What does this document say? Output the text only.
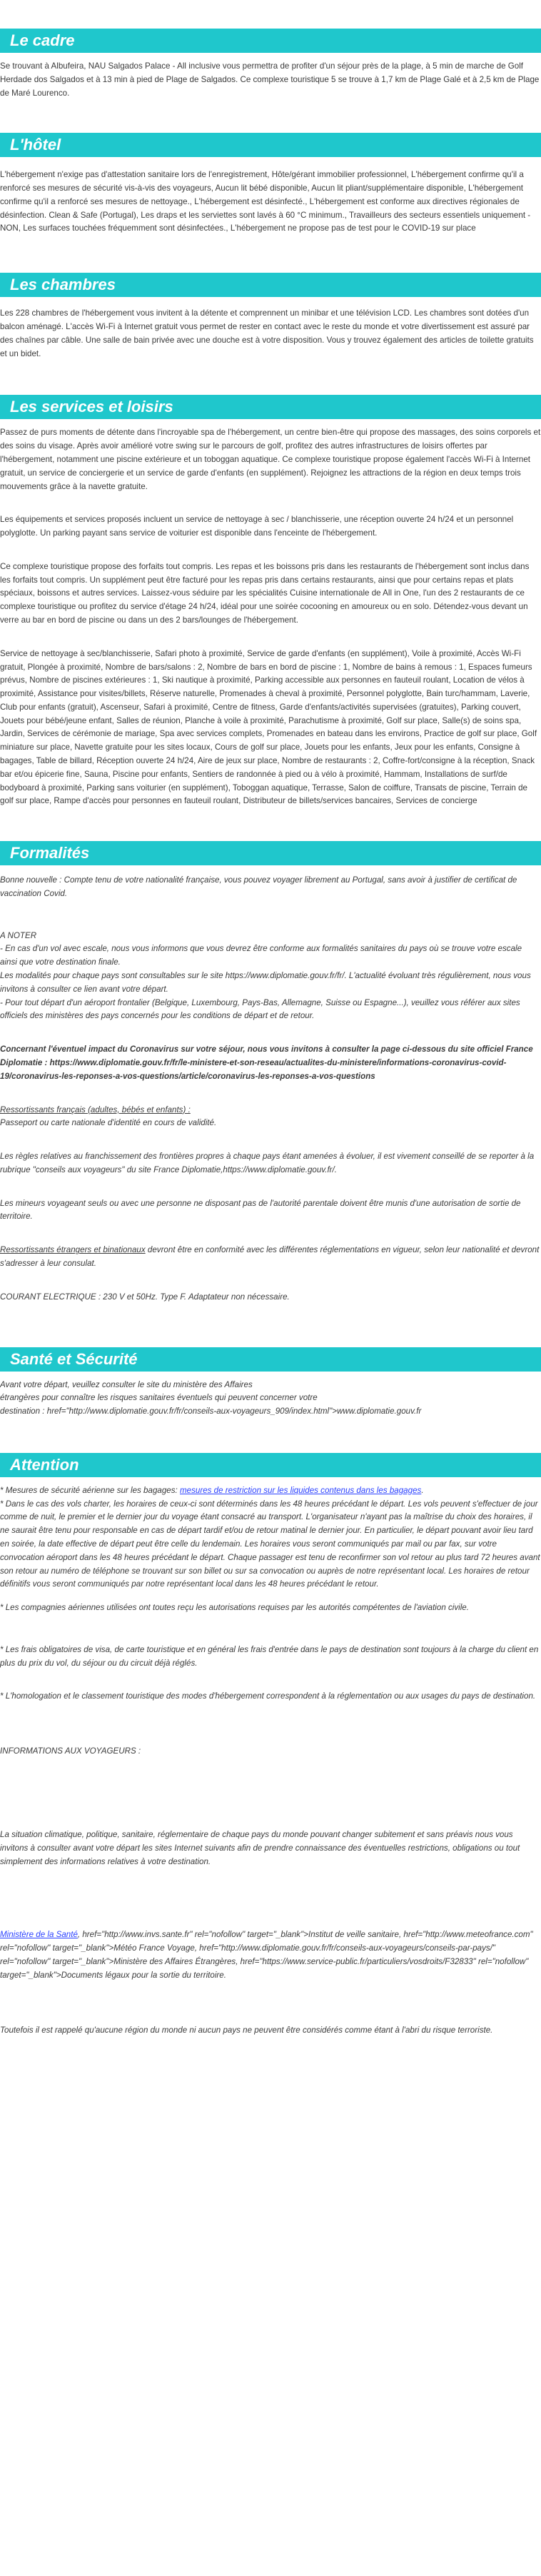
Le cadre

Se trouvant à Albufeira, NAU Salgados Palace - All inclusive vous permettra de profiter d'un séjour près de la plage, à 5 min de marche de Golf Herdade dos Salgados et à 13 min à pied de Plage de Salgados. Ce complexe touristique 5 se trouve à 1,7 km de Plage Galé et à 2,5 km de Plage de Maré Lourenco.

L'hôtel

L'hébergement n'exige pas d'attestation sanitaire lors de l'enregistrement, Hôte/gérant immobilier professionnel, L'hébergement confirme qu'il a renforcé ses mesures de sécurité vis-à-vis des voyageurs, Aucun lit bébé disponible, Aucun lit pliant/supplémentaire disponible, L'hébergement confirme qu'il a renforcé ses mesures de nettoyage., L'hébergement est désinfecté., L'hébergement est conforme aux directives régionales de désinfection. Clean & Safe (Portugal), Les draps et les serviettes sont lavés à 60 °C minimum., Travailleurs des secteurs essentiels uniquement - NON, Les surfaces touchées fréquemment sont désinfectées., L'hébergement ne propose pas de test pour le COVID-19 sur place

Les chambres

Les 228 chambres de l'hébergement vous invitent à la détente et comprennent un minibar et une télévision LCD. Les chambres sont dotées d'un balcon aménagé. L'accès Wi-Fi à Internet gratuit vous permet de rester en contact avec le reste du monde et votre divertissement est assuré par des chaînes par câble. Une salle de bain privée avec une douche est à votre disposition. Vous y trouvez également des articles de toilette gratuits et un bidet.

Les services et loisirs

Passez de purs moments de détente dans l'incroyable spa de l'hébergement, un centre bien-être qui propose des massages, des soins corporels et des soins du visage. Après avoir amélioré votre swing sur le parcours de golf, profitez des autres infrastructures de loisirs offertes par l'hébergement, notamment une piscine extérieure et un toboggan aquatique. Ce complexe touristique propose également l'accès Wi-Fi à Internet gratuit, un service de conciergerie et un service de garde d'enfants (en supplément). Rejoignez les attractions de la région en deux temps trois mouvements grâce à la navette gratuite.

Les équipements et services proposés incluent un service de nettoyage à sec / blanchisserie, une réception ouverte 24 h/24 et un personnel polyglotte. Un parking payant sans service de voiturier est disponible dans l'enceinte de l'hébergement.

Ce complexe touristique propose des forfaits tout compris. Les repas et les boissons pris dans les restaurants de l'hébergement sont inclus dans les forfaits tout compris. Un supplément peut être facturé pour les repas pris dans certains restaurants, ainsi que pour certains repas et plats spéciaux, boissons et autres services. Laissez-vous séduire par les spécialités Cuisine internationale de All in One, l'un des 2 restaurants de ce complexe touristique ou profitez du service d'étage 24 h/24, idéal pour une soirée cocooning en amoureux ou en solo. Détendez-vous devant un verre au bar en bord de piscine ou dans un des 2 bars/lounges de l'hébergement.

Service de nettoyage à sec/blanchisserie, Safari photo à proximité, Service de garde d'enfants (en supplément), Voile à proximité, Accès Wi-Fi gratuit, Plongée à proximité, Nombre de bars/salons : 2, Nombre de bars en bord de piscine : 1, Nombre de bains à remous : 1, Espaces fumeurs prévus, Nombre de piscines extérieures : 1, Ski nautique à proximité, Parking accessible aux personnes en fauteuil roulant, Location de vélos à proximité, Assistance pour visites/billets, Réserve naturelle, Promenades à cheval à proximité, Personnel polyglotte, Bain turc/hammam, Laverie, Club pour enfants (gratuit), Ascenseur, Safari à proximité, Centre de fitness, Garde d'enfants/activités supervisées (gratuites), Parking couvert, Jouets pour bébé/jeune enfant, Salles de réunion, Planche à voile à proximité, Parachutisme à proximité, Golf sur place, Salle(s) de soins spa, Jardin, Services de cérémonie de mariage, Spa avec services complets, Promenades en bateau dans les environs, Practice de golf sur place, Golf miniature sur place, Navette gratuite pour les sites locaux, Cours de golf sur place, Jouets pour les enfants, Jeux pour les enfants, Consigne à bagages, Table de billard, Réception ouverte 24 h/24, Aire de jeux sur place, Nombre de restaurants : 2, Coffre-fort/consigne à la réception, Snack bar et/ou épicerie fine, Sauna, Piscine pour enfants, Sentiers de randonnée à pied ou à vélo à proximité, Hammam, Installations de surf/de bodyboard à proximité, Parking sans voiturier (en supplément), Toboggan aquatique, Terrasse, Salon de coiffure, Transats de piscine, Terrain de golf sur place, Rampe d'accès pour personnes en fauteuil roulant, Distributeur de billets/services bancaires, Services de concierge

Formalités

Bonne nouvelle : Compte tenu de votre nationalité française, vous pouvez voyager librement au Portugal, sans avoir à justifier de certificat de vaccination Covid.

A NOTER

- En cas d'un vol avec escale, nous vous informons que vous devrez être conforme aux formalités sanitaires du pays où se trouve votre escale ainsi que votre destination finale.

Les modalités pour chaque pays sont consultables sur le site https://www.diplomatie.gouv.fr/fr/. L'actualité évoluant très régulièrement, nous vous invitons à consulter ce lien avant votre départ.

- Pour tout départ d'un aéroport frontalier (Belgique, Luxembourg, Pays-Bas, Allemagne, Suisse ou Espagne...), veuillez vous référer aux sites officiels des ministères des pays concernés pour les conditions de départ et de retour.

Concernant l'éventuel impact du Coronavirus sur votre séjour, nous vous invitons à consulter la page ci-dessous du site officiel France Diplomatie : https://www.diplomatie.gouv.fr/fr/le-ministere-et-son-reseau/actualites-du-ministere/informations-coronavirus-covid-19/coronavirus-les-reponses-a-vos-questions/article/coronavirus-les-reponses-a-vos-questions

Ressortissants français (adultes, bébés et enfants) :

Passeport ou carte nationale d'identité en cours de validité.

Les règles relatives au franchissement des frontières propres à chaque pays étant amenées à évoluer, il est vivement conseillé de se reporter à la rubrique "conseils aux voyageurs" du site France Diplomatie,https://www.diplomatie.gouv.fr/.

Les mineurs voyageant seuls ou avec une personne ne disposant pas de l'autorité parentale doivent être munis d'une autorisation de sortie de territoire.

Ressortissants étrangers et binationaux devront être en conformité avec les différentes réglementations en vigueur, selon leur nationalité et devront s'adresser à leur consulat.

COURANT ELECTRIQUE : 230 V et 50Hz. Type F. Adaptateur non nécessaire.

Santé et Sécurité

Avant votre départ, veuillez consulter le site du ministère des Affaires
étrangères pour connaître les risques sanitaires éventuels qui peuvent concerner votre
destination : href="http://www.diplomatie.gouv.fr/fr/conseils-aux-voyageurs_909/index.html">www.diplomatie.gouv.fr

Attention

* Mesures de sécurité aérienne sur les bagages: mesures de restriction sur les liquides contenus dans les bagages.

* Dans le cas des vols charter, les horaires de ceux-ci sont déterminés dans les 48 heures précédant le départ. Les vols peuvent s'effectuer de jour comme de nuit, le premier et le dernier jour du voyage étant consacré au transport. L'organisateur n'ayant pas la maîtrise du choix des horaires, il ne saurait être tenu pour responsable en cas de départ tardif et/ou de retour matinal le dernier jour. En particulier, le départ pouvant avoir lieu tard en soirée, la date effective de départ peut être celle du lendemain. Les horaires vous seront communiqués par mail ou par fax, sur votre convocation aéroport dans les 48 heures précédant le départ. Chaque passager est tenu de reconfirmer son vol retour au plus tard 72 heures avant son retour au numéro de téléphone se trouvant sur son billet ou sur sa convocation ou auprès de notre représentant local. Les horaires de retour définitifs vous seront communiqués par notre représentant local dans les 48 heures précédant le retour.

* Les compagnies aériennes utilisées ont toutes reçu les autorisations requises par les autorités compétentes de l'aviation civile.

* Les frais obligatoires de visa, de carte touristique et en général les frais d'entrée dans le pays de destination sont toujours à la charge du client en plus du prix du vol, du séjour ou du circuit déjà réglés.

* L'homologation et le classement touristique des modes d'hébergement correspondent à la réglementation ou aux usages du pays de destination.

INFORMATIONS AUX VOYAGEURS :

La situation climatique, politique, sanitaire, réglementaire de chaque pays du monde pouvant changer subitement et sans préavis nous vous invitons à consulter avant votre départ les sites Internet suivants afin de prendre connaissance des éventuelles restrictions, obligations ou tout simplement des informations relatives à votre destination.

Ministère de la Santé, href="http://www.invs.sante.fr" rel="nofollow" target="_blank">Institut de veille sanitaire, href="http://www.meteofrance.com" rel="nofollow" target="_blank">Météo France Voyage, href="http://www.diplomatie.gouv.fr/fr/conseils-aux-voyageurs/conseils-par-pays/" rel="nofollow" target="_blank">Ministère des Affaires Étrangères, href="https://www.service-public.fr/particuliers/vosdroits/F32833" rel="nofollow" target="_blank">Documents légaux pour la sortie du territoire.

Toutefois il est rappelé qu'aucune région du monde ni aucun pays ne peuvent être considérés comme étant à l'abri du risque terroriste.
